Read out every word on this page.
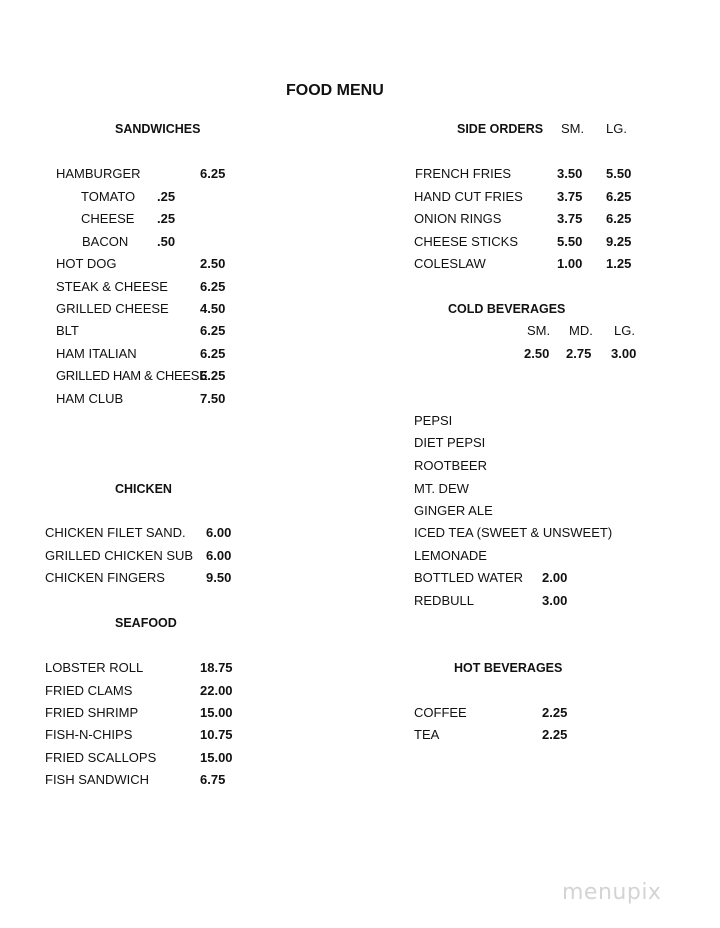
FOOD MENU
SANDWICHES
HAMBURGER	6.25
TOMATO .25
CHEESE .25
BACON .50
HOT DOG	2.50
STEAK & CHEESE 6.25
GRILLED CHEESE 4.50
BLT	6.25
HAM ITALIAN	6.25
GRILLED HAM & CHEESE
6.25
HAM CLUB	7.50
CHICKEN
CHICKEN FILET SAND. 6.00
GRILLED CHICKEN SUB 6.00
CHICKEN FINGERS	9.50
SEAFOOD
LOBSTER ROLL	18.75
FRIED CLAMS	22.00
FRIED SHRIMP	15.00
FISH-N-CHIPS	10.75
FRIED SCALLOPS	15.00
FISH SANDWICH	6.75
SIDE ORDERS SM. LG.
FRENCH FRIES	3.50 5.50
HAND CUT FRIES	3.75 6.25
ONION RINGS	3.75 6.25
CHEESE STICKS	5.50 9.25
COLESLAW	1.00 1.25
COLD BEVERAGES
SM. MD. LG.
2.50 2.75 3.00
PEPSI
DIET PEPSI
ROOTBEER
MT. DEW
GINGER ALE
ICED TEA (SWEET & UNSWEET)
LEMONADE
BOTTLED WATER 2.00
REDBULL	3.00
HOT BEVERAGES
COFFEE	2.25
TEA	2.25
menupix
